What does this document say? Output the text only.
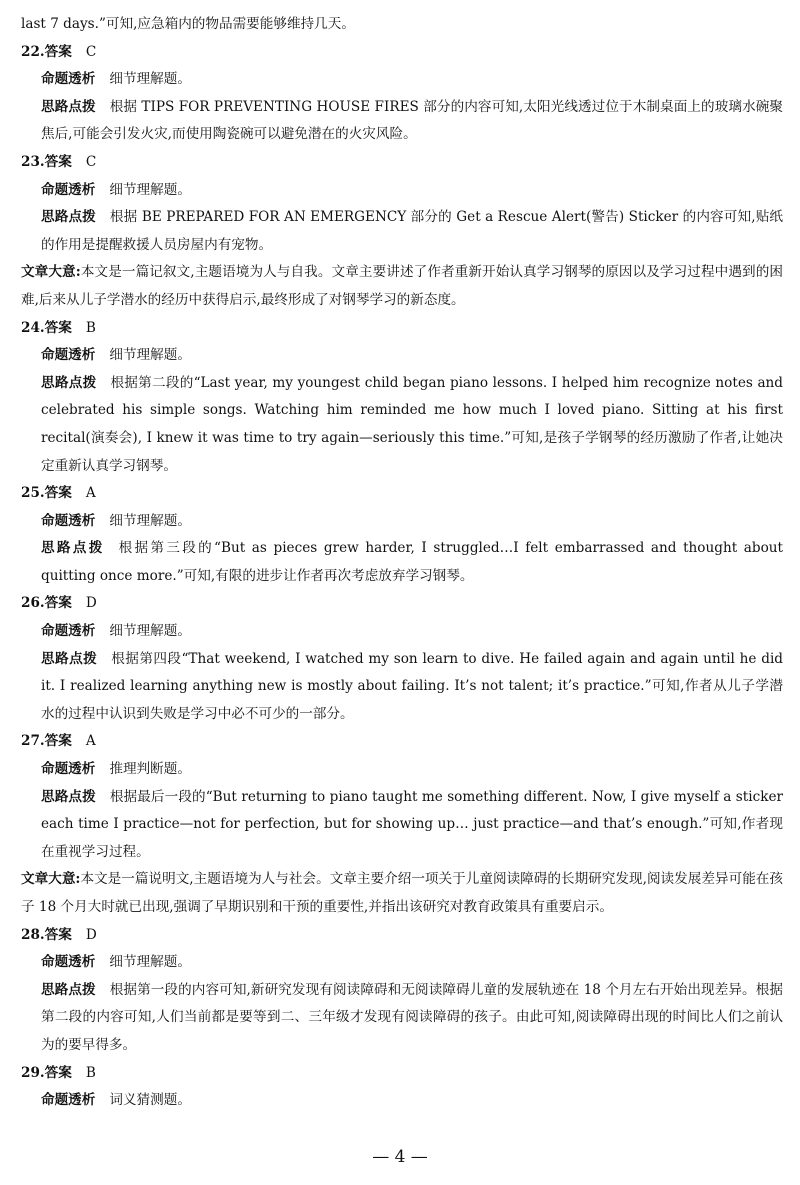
last 7 days.”可知,应急箱内的物品需要能够维持几天。
22.答案 C
命题透析 细节理解题。
思路点拨 根据 TIPS FOR PREVENTING HOUSE FIRES 部分的内容可知,太阳光线透过位于木制桌面上的玻璃水碗聚焦后,可能会引发火灾,而使用陶瓷碗可以避免潜在的火灾风险。
23.答案 C
命题透析 细节理解题。
思路点拨 根据 BE PREPARED FOR AN EMERGENCY 部分的 Get a Rescue Alert(警告) Sticker 的内容可知,贴纸的作用是提醒救援人员房屋内有宠物。
文章大意:本文是一篇记叙文,主题语境为人与自我。文章主要讲述了作者重新开始认真学习钢琴的原因以及学习过程中遇到的困难,后来从儿子学潜水的经历中获得启示,最终形成了对钢琴学习的新态度。
24.答案 B
命题透析 细节理解题。
思路点拨 根据第二段的“Last year, my youngest child began piano lessons. I helped him recognize notes and celebrated his simple songs. Watching him reminded me how much I loved piano. Sitting at his first recital(演奏会), I knew it was time to try again—seriously this time.”可知,是孩子学钢琴的经历激励了作者,让她决定重新认真学习钢琴。
25.答案 A
命题透析 细节理解题。
思路点拨 根据第三段的“But as pieces grew harder, I struggled…I felt embarrassed and thought about quitting once more.”可知,有限的进步让作者再次考虑放弃学习钢琴。
26.答案 D
命题透析 细节理解题。
思路点拨 根据第四段“That weekend, I watched my son learn to dive. He failed again and again until he did it. I realized learning anything new is mostly about failing. It’s not talent; it’s practice.”可知,作者从儿子学潜水的过程中认识到失败是学习中必不可少的一部分。
27.答案 A
命题透析 推理判断题。
思路点拨 根据最后一段的“But returning to piano taught me something different. Now, I give myself a sticker each time I practice—not for perfection, but for showing up… just practice—and that’s enough.”可知,作者现在重视学习过程。
文章大意:本文是一篇说明文,主题语境为人与社会。文章主要介绍一项关于儿童阅读障碍的长期研究发现,阅读发展差异可能在孩子 18 个月大时就已出现,强调了早期识别和干预的重要性,并指出该研究对教育政策具有重要启示。
28.答案 D
命题透析 细节理解题。
思路点拨 根据第一段的内容可知,新研究发现有阅读障碍和无阅读障碍儿童的发展轨迹在 18 个月左右开始出现差异。根据第二段的内容可知,人们当前都是要等到二、三年级才发现有阅读障碍的孩子。由此可知,阅读障碍出现的时间比人们之前认为的要早得多。
29.答案 B
命题透析 词义猜测题。
— 4 —
